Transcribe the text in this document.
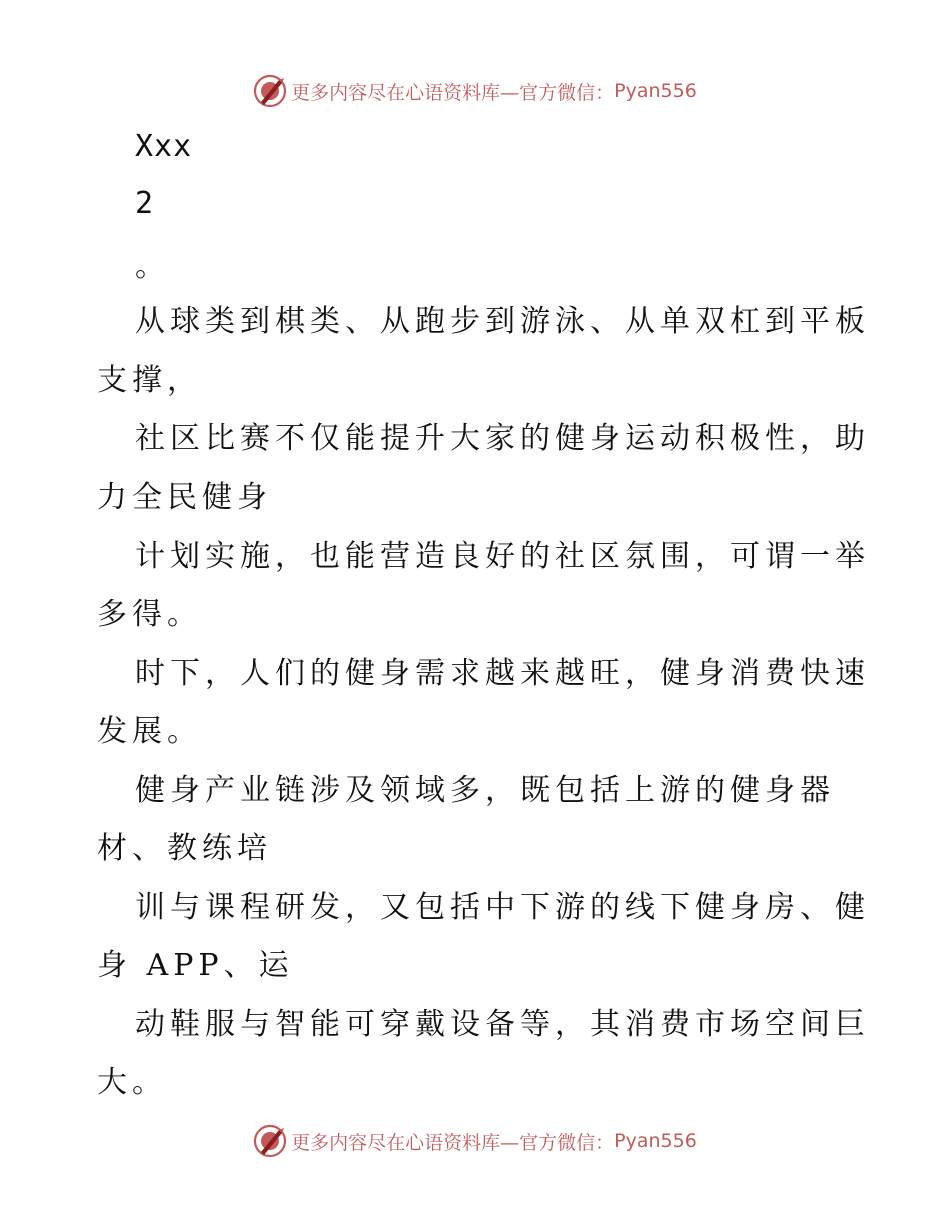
更多内容尽在心语资料库—官方微信： Pyan556
Xxx
2
。
从球类到棋类、从跑步到游泳、从单双杠到平板
支撑，
社区比赛不仅能提升大家的健身运动积极性，助
力全民健身
计划实施，也能营造良好的社区氛围，可谓一举
多得。
时下，人们的健身需求越来越旺，健身消费快速
发展。
健身产业链涉及领域多，既包括上游的健身器
材、教练培
训与课程研发，又包括中下游的线下健身房、健
身 APP、运
动鞋服与智能可穿戴设备等，其消费市场空间巨
大。
更多内容尽在心语资料库—官方微信： Pyan556
